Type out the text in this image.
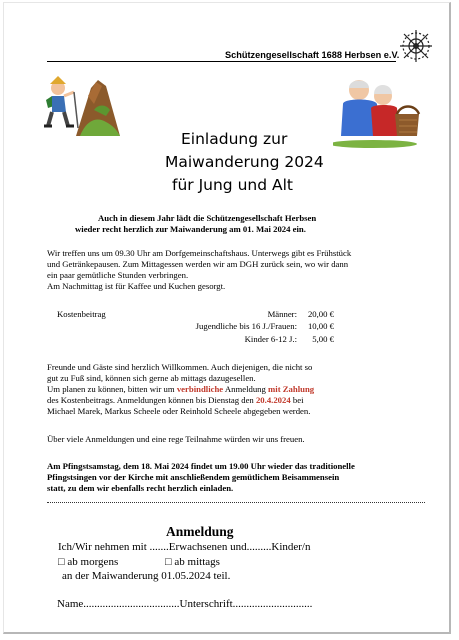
Schützengesellschaft 1688 Herbsen e.V.
Einladung zur
Maiwanderung 2024
für Jung und Alt
Auch in diesem Jahr lädt die Schützengesellschaft Herbsen
wieder recht herzlich zur Maiwanderung am 01. Mai 2024 ein.
Wir treffen uns um 09.30 Uhr am Dorfgemeinschaftshaus. Unterwegs gibt es Frühstück
und Getränkepausen. Zum Mittagessen werden wir am DGH zurück sein, wo wir dann
ein paar gemütliche Stunden verbringen.
Am Nachmittag ist für Kaffee und Kuchen gesorgt.
Kostenbeitrag	Männer: 20,00 €
Jugendliche bis 16 J./Frauen: 10,00 €
Kinder 6-12 J.: 5,00 €
Freunde und Gäste sind herzlich Willkommen. Auch diejenigen, die nicht so
gut zu Fuß sind, können sich gerne ab mittags dazugesellen.
Um planen zu können, bitten wir um verbindliche Anmeldung mit Zahlung
des Kostenbeitrags. Anmeldungen können bis Dienstag den 20.4.2024 bei
Michael Marek, Markus Scheele oder Reinhold Scheele abgegeben werden.
Über viele Anmeldungen und eine rege Teilnahme würden wir uns freuen.
Am Pfingstsamstag, dem 18. Mai 2024 findet um 19.00 Uhr wieder das traditionelle
Pfingstsingen vor der Kirche mit anschließendem gemütlichem Beisammensein
statt, zu dem wir ebenfalls recht herzlich einladen.
Anmeldung
Ich/Wir nehmen mit .......Erwachsenen und.........Kinder/n
□ ab morgens	□ ab mittags
an der Maiwanderung 01.05.2024 teil.
Name...................................Unterschrift.............................
